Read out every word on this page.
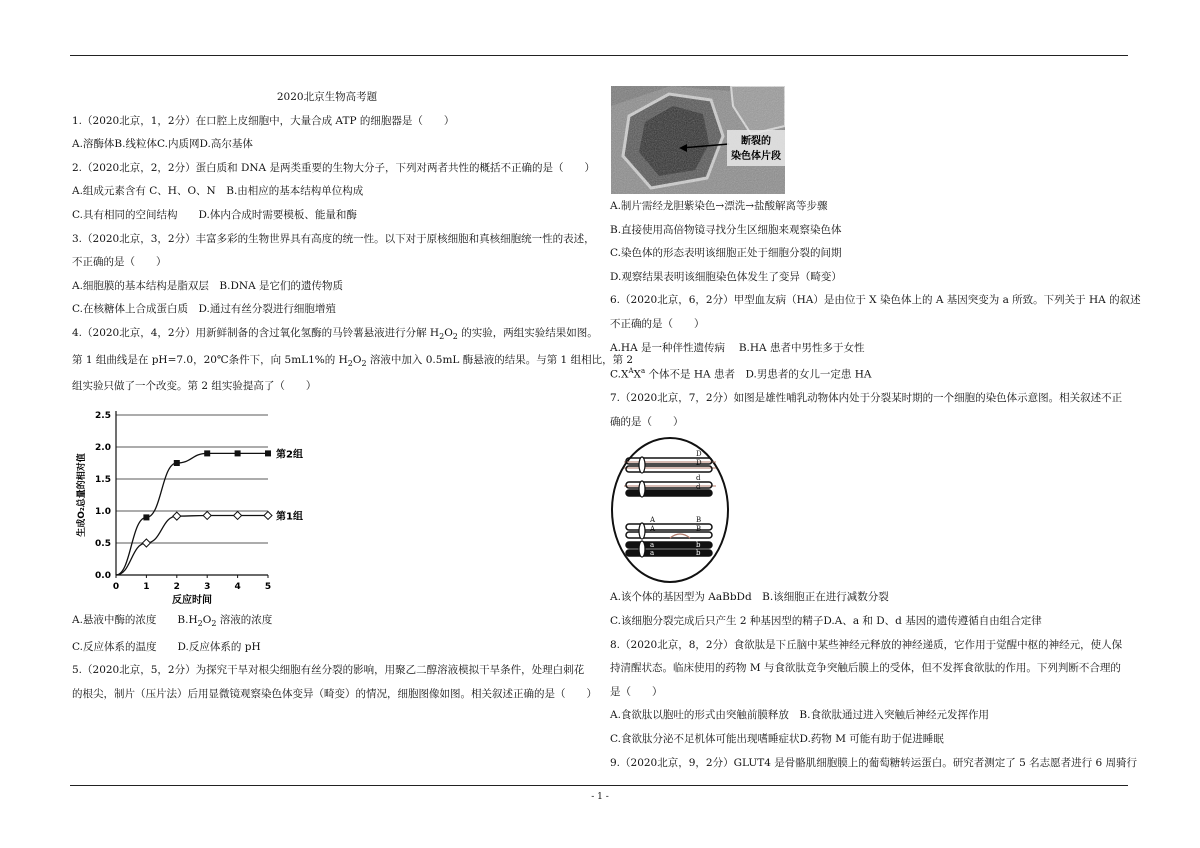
2020北京生物高考题

1.（2020北京，1，2分）在口腔上皮细胞中，大量合成 ATP 的细胞器是（　　）

A.溶酶体B.线粒体C.内质网D.高尔基体

2.（2020北京，2，2分）蛋白质和 DNA 是两类重要的生物大分子，下列对两者共性的概括不正确的是（　　）

A.组成元素含有 C、H、O、N　B.由相应的基本结构单位构成

C.具有相同的空间结构　　D.体内合成时需要模板、能量和酶

3.（2020北京，3，2分）丰富多彩的生物世界具有高度的统一性。以下对于原核细胞和真核细胞统一性的表述，

不正确的是（　　）

A.细胞膜的基本结构是脂双层　B.DNA 是它们的遗传物质

C.在核糖体上合成蛋白质　D.通过有丝分裂进行细胞增殖

4.（2020北京，4，2分）用新鲜制备的含过氧化氢酶的马铃薯悬液进行分解 $H_2O_2$ 的实验，两组实验结果如图。

第 1 组曲线是在 pH=7.0，20℃条件下，向 5mL1%的 $H_2O_2$ 溶液中加入 0.5mL 酶悬液的结果。与第 1 组相比，第 2

组实验只做了一个改变。第 2 组实验提高了（　　）

0.0
0.5
1.0
1.5
2.0
2.5
0	1	2	3	4	5
反应时间
生成O₂总量的相对值	第2组
第1组

A.悬液中酶的浓度　　 $B.H_2O_2$ 溶液的浓度

C.反应体系的温度　　 D.反应体系的 pH

5.（2020北京，5，2分）为探究干旱对根尖细胞有丝分裂的影响，用聚乙二醇溶液模拟干旱条件，处理白刺花

的根尖，制片（压片法）后用显微镜观察染色体变异（畸变）的情况，细胞图像如图。相关叙述正确的是（　　）

断裂的
染色体片段

A.制片需经龙胆紫染色→漂洗→盐酸解离等步骤

B.直接使用高倍物镜寻找分生区细胞来观察染色体

C.染色体的形态表明该细胞正处于细胞分裂的间期

D.观察结果表明该细胞染色体发生了变异（畸变）

6.（2020北京，6，2分）甲型血友病（HA）是由位于 X 染色体上的 A 基因突变为 a 所致。下列关于 HA 的叙述

不正确的是（　　）

A.HA 是一种伴性遗传病　 B.HA 患者中男性多于女性

$C.X^AX^a$ 个体不是 HA 患者　D.男患者的女儿一定患 HA

7.（2020北京，7，2分）如图是雄性哺乳动物体内处于分裂某时期的一个细胞的染色体示意图。相关叙述不正

确的是（　　）

D
D
d
d
A	B
A	B
a	b
a	b

A.该个体的基因型为 AaBbDd　B.该细胞正在进行减数分裂

C.该细胞分裂完成后只产生 2 种基因型的精子D.A、a 和 D、d 基因的遗传遵循自由组合定律

8.（2020北京，8，2分）食欲肽是下丘脑中某些神经元释放的神经递质，它作用于觉醒中枢的神经元，使人保

持清醒状态。临床使用的药物 M 与食欲肽竞争突触后膜上的受体，但不发挥食欲肽的作用。下列判断不合理的

是（　　）

A.食欲肽以胞吐的形式由突触前膜释放　B.食欲肽通过进入突触后神经元发挥作用

C.食欲肽分泌不足机体可能出现嗜睡症状D.药物 M 可能有助于促进睡眠

9.（2020北京，9，2分）GLUT4 是骨骼肌细胞膜上的葡萄糖转运蛋白。研究者测定了 5 名志愿者进行 6 周骑行

- 1 -
